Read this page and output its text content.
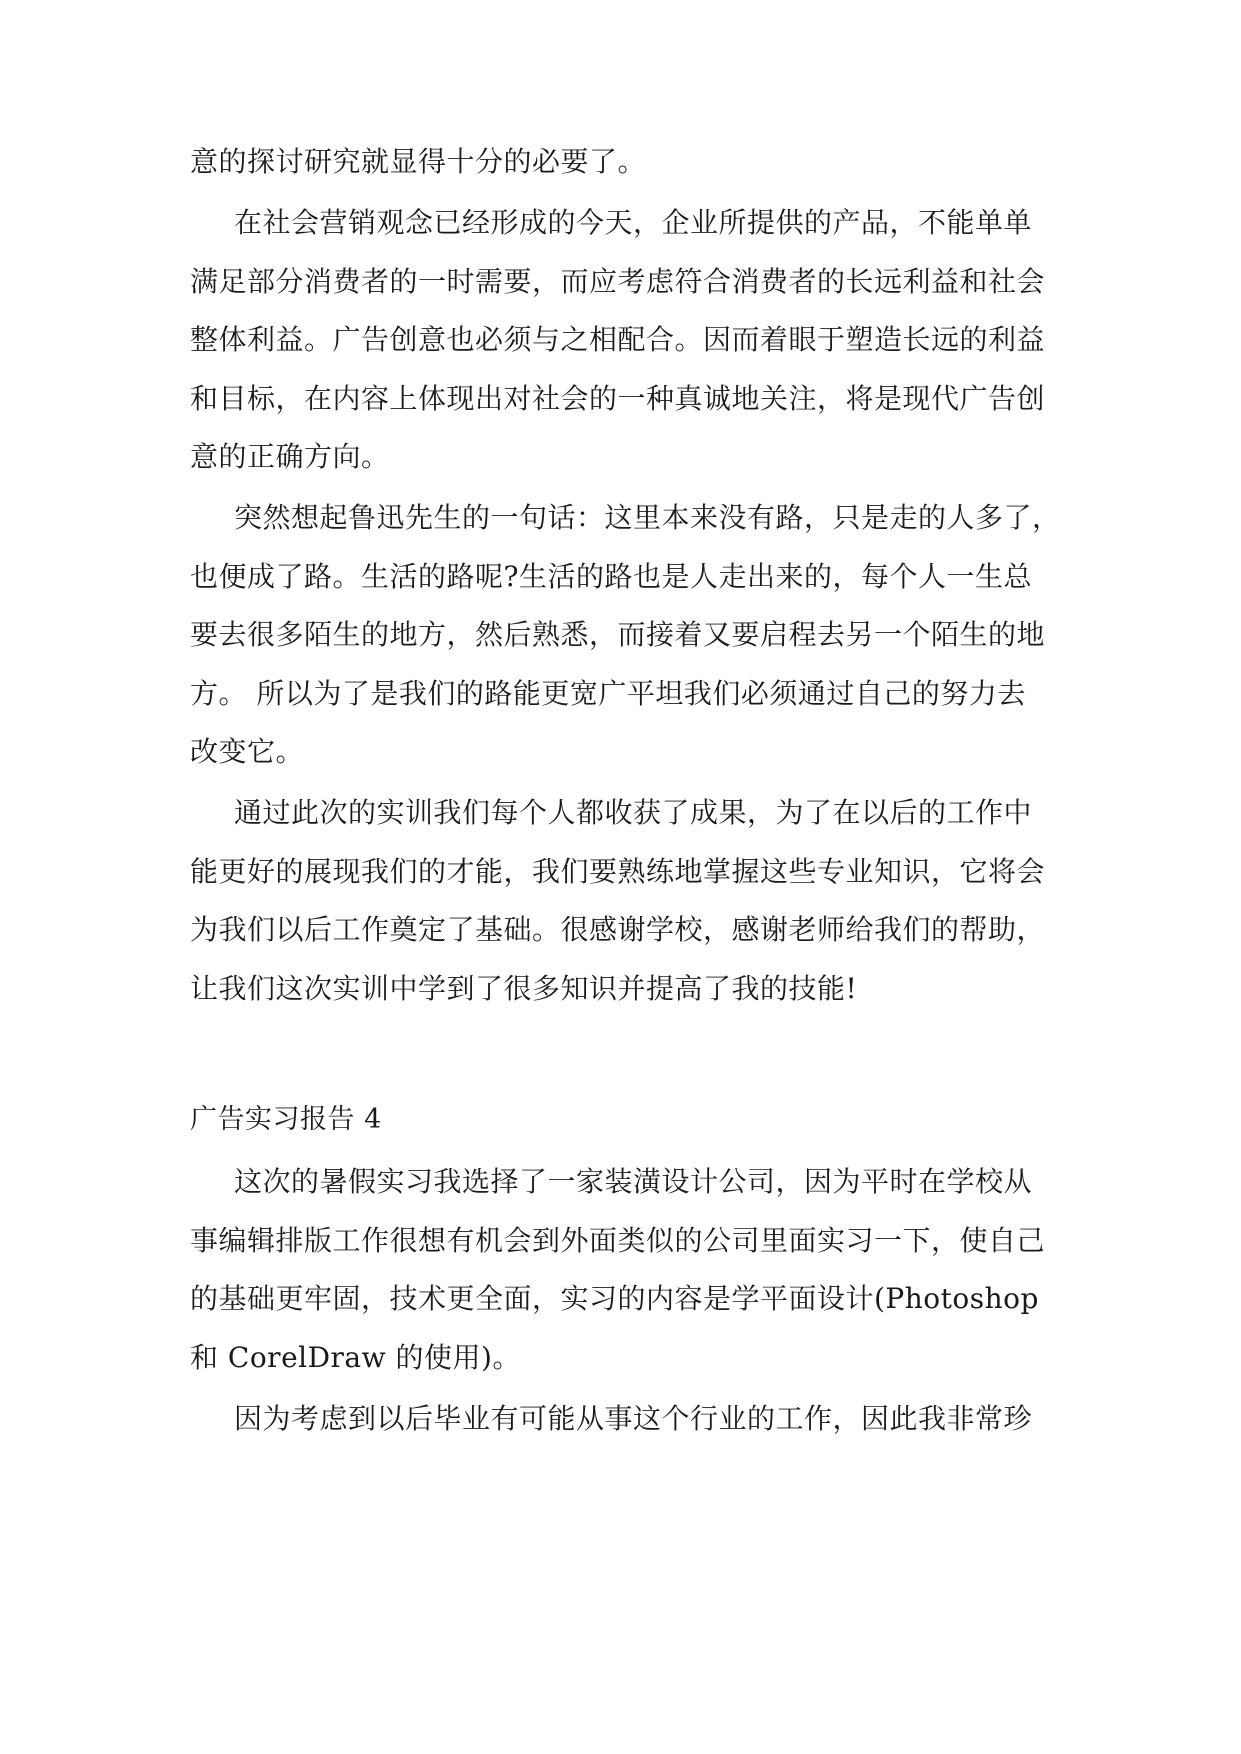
意的探讨研究就显得十分的必要了。
在社会营销观念已经形成的今天，企业所提供的产品，不能单单
满足部分消费者的一时需要，而应考虑符合消费者的长远利益和社会
整体利益。广告创意也必须与之相配合。因而着眼于塑造长远的利益
和目标，在内容上体现出对社会的一种真诚地关注，将是现代广告创
意的正确方向。
突然想起鲁迅先生的一句话：这里本来没有路，只是走的人多了，
也便成了路。生活的路呢?生活的路也是人走出来的，每个人一生总
要去很多陌生的地方，然后熟悉，而接着又要启程去另一个陌生的地
方。 所以为了是我们的路能更宽广平坦我们必须通过自己的努力去
改变它。
通过此次的实训我们每个人都收获了成果，为了在以后的工作中
能更好的展现我们的才能，我们要熟练地掌握这些专业知识，它将会
为我们以后工作奠定了基础。很感谢学校，感谢老师给我们的帮助，
让我们这次实训中学到了很多知识并提高了我的技能!
广告实习报告 4
这次的暑假实习我选择了一家装潢设计公司，因为平时在学校从
事编辑排版工作很想有机会到外面类似的公司里面实习一下，使自己
的基础更牢固，技术更全面，实习的内容是学平面设计(Photoshop
和 CorelDraw 的使用)。
因为考虑到以后毕业有可能从事这个行业的工作，因此我非常珍
